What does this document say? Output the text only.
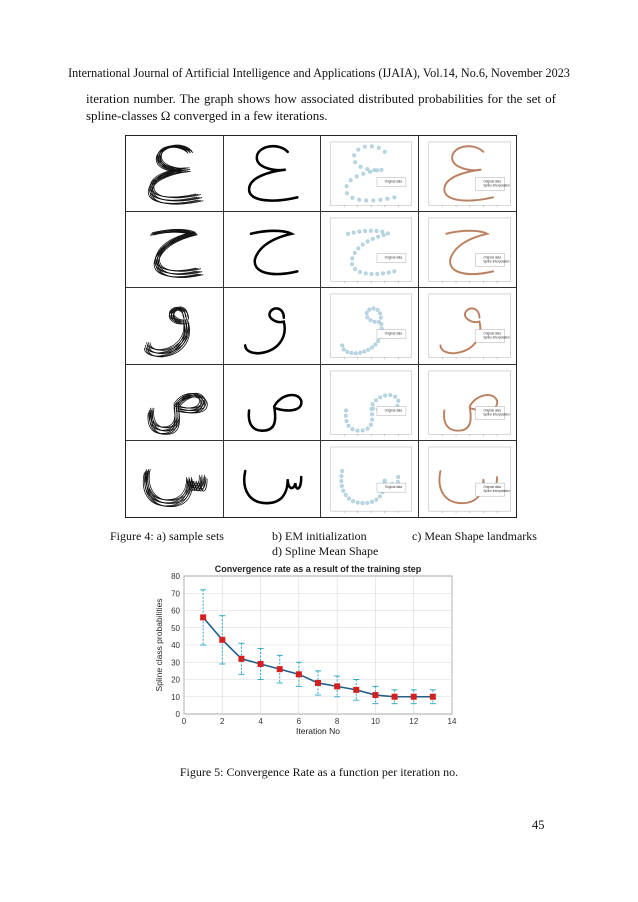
International Journal of Artificial Intelligence and Applications (IJAIA), Vol.14, No.6, November 2023
iteration number. The graph shows how associated distributed probabilities for the set of spline-classes Ω converged in a few iterations.
Original data	Original data
Spline interpolation
Original data	Original data
Spline interpolation
Original data	Original data
Spline interpolation
Original data	Original data
Spline interpolation
Original data	Original data
Spline interpolation
Figure 4: a) sample sets	b) EM initialization	c) Mean Shape landmarks
d) Spline Mean Shape
0
10
20
30
40
50
60
70
80
0	2	4	6	8	10	12	14
Convergence rate as a result of the training step
Iteration No
Spline class probabilities
Figure 5: Convergence Rate as a function per iteration no.
45
